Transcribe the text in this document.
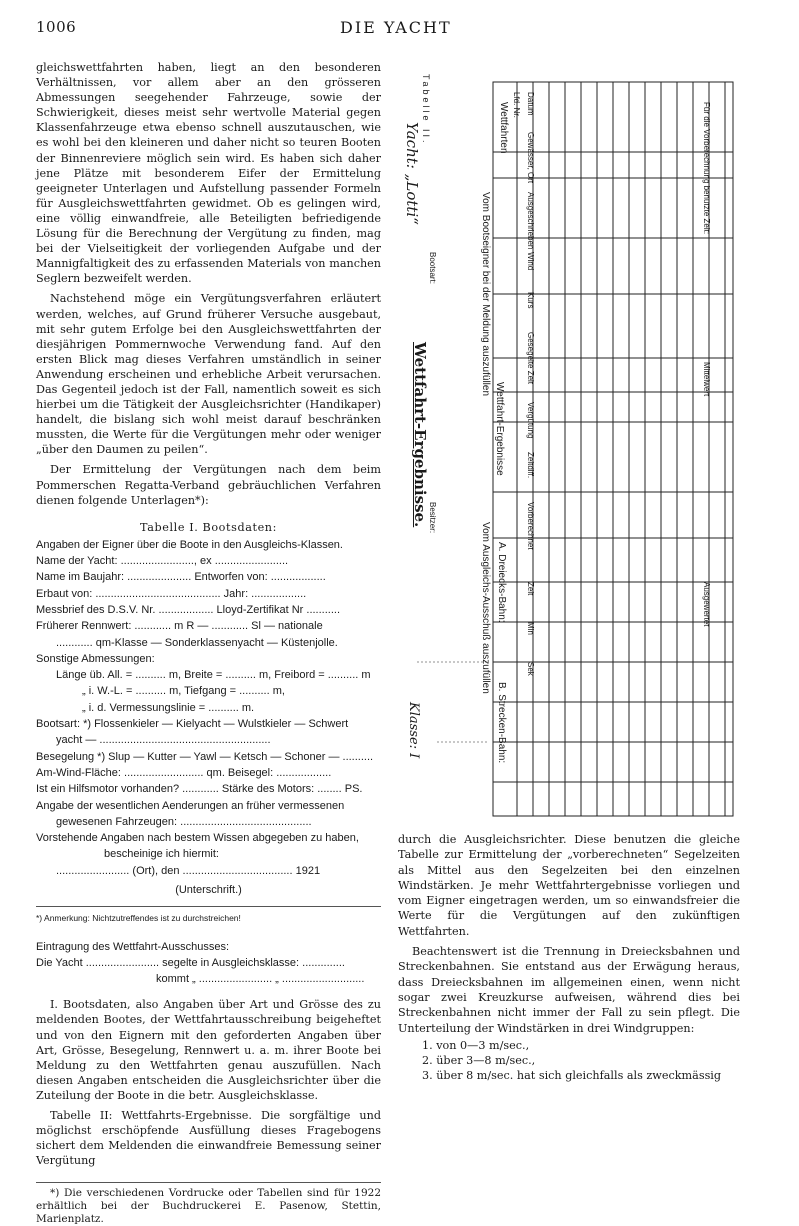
1006	DIE YACHT

gleichswettfahrten haben, liegt an den besonderen Verhältnissen, vor allem aber an den grösseren Abmessungen seegehender Fahrzeuge, sowie der Schwierigkeit, dieses meist sehr wertvolle Material gegen Klassenfahrzeuge etwa ebenso schnell auszutauschen, wie es wohl bei den kleineren und daher nicht so teuren Booten der Binnenreviere möglich sein wird. Es haben sich daher jene Plätze mit besonderem Eifer der Ermittelung geeigneter Unterlagen und Aufstellung passender Formeln für Ausgleichswettfahrten gewidmet. Ob es gelingen wird, eine völlig einwandfreie, alle Beteiligten befriedigende Lösung für die Berechnung der Vergütung zu finden, mag bei der Vielseitigkeit der vorliegenden Aufgabe und der Mannigfaltigkeit des zu erfassenden Materials von manchen Seglern bezweifelt werden.

Nachstehend möge ein Vergütungsverfahren erläutert werden, welches, auf Grund früherer Versuche ausgebaut, mit sehr gutem Erfolge bei den Ausgleichswettfahrten der diesjährigen Pommernwoche Verwendung fand. Auf den ersten Blick mag dieses Verfahren umständlich in seiner Anwendung erscheinen und erhebliche Arbeit verursachen. Das Gegenteil jedoch ist der Fall, namentlich soweit es sich hierbei um die Tätigkeit der Ausgleichsrichter (Handikaper) handelt, die bislang sich wohl meist darauf beschränken mussten, die Werte für die Vergütungen mehr oder weniger „über den Daumen zu peilen“.

Der Ermittelung der Vergütungen nach dem beim Pommerschen Regatta-Verband gebräuchlichen Verfahren dienen folgende Unterlagen*):

Tabelle I. Bootsdaten:
Angaben der Eigner über die Boote in den Ausgleichs-Klassen.
Name der Yacht: ........................, ex ........................
Name im Baujahr: ..................... Entworfen von: ..................
Erbaut von: ......................................... Jahr: ..................
Messbrief des D.S.V. Nr. .................. Lloyd-Zertifikat Nr ...........
Früherer Rennwert: ............ m R — ............ Sl — nationale
............ qm-Klasse — Sonderklassenyacht — Küstenjolle.
Sonstige Abmessungen:
Länge üb. All. = .......... m, Breite = .......... m, Freibord = .......... m
„ i. W.-L. = .......... m, Tiefgang = .......... m,
„ i. d. Vermessungslinie = .......... m.
Bootsart: *) Flossenkieler — Kielyacht — Wulstkieler — Schwert
yacht — ........................................................
Besegelung *) Slup — Kutter — Yawl — Ketsch — Schoner — ..........
Am-Wind-Fläche: .......................... qm. Beisegel: ..................
Ist ein Hilfsmotor vorhanden? ............ Stärke des Motors: ........ PS.
Angabe der wesentlichen Aenderungen an früher vermessenen
gewesenen Fahrzeugen: ...........................................
Vorstehende Angaben nach bestem Wissen abgegeben zu haben,
bescheinige ich hiermit:
........................ (Ort), den .................................... 1921
(Unterschrift.)
*) Anmerkung: Nichtzutreffendes ist zu durchstreichen!
Eintragung des Wettfahrt-Ausschusses:
Die Yacht ........................ segelte in Ausgleichsklasse: ..............
kommt „ ........................ „ ...........................

I. Bootsdaten, also Angaben über Art und Grösse des zu meldenden Bootes, der Wettfahrtausschreibung beigeheftet und von den Eignern mit den geforderten Angaben über Art, Grösse, Besegelung, Rennwert u. a. m. ihrer Boote bei Meldung zu den Wettfahrten genau auszufüllen. Nach diesen Angaben entscheiden die Ausgleichsrichter über die Zuteilung der Boote in die betr. Ausgleichsklasse.

Tabelle II: Wettfahrts-Ergebnisse. Die sorgfältige und möglichst erschöpfende Ausfüllung dieses Fragebogens sichert dem Meldenden die einwandfreie Bemessung seiner Vergütung

*) Die verschiedenen Vordrucke oder Tabellen sind für 1922 erhältlich bei der Buchdruckerei E. Pasenow, Stettin, Marienplatz.
Tabelle II.
Yacht: „Lotti“
Wettfahrt-Ergebnisse.
Klasse: I
Bootsart:
Besitzer:
Wettfahrten
Vom Bootseigner bei der Meldung auszufüllen
Wettfahrt-Ergebnisse
Vom Ausgleichs-Ausschuß auszufüllen A. Dreiecks-Bahn:
B. Strecken-Bahn:
Für die Vorberechnung benutzte Zeit:
Mittelwert
Ausgewertet
Lfd. Nr. Datum
Gewässer, Ort
Ausgeschrieben
Wind
Kurs
Gesegelte Zeit
Vergütung
Zeitdiff.
Vorberechnet
Zeit
Min
Sek

durch die Ausgleichsrichter. Diese benutzen die gleiche Tabelle zur Ermittelung der „vorberechneten“ Segelzeiten als Mittel aus den Segelzeiten bei den einzelnen Windstärken. Je mehr Wettfahrtergebnisse vorliegen und vom Eigner eingetragen werden, um so einwandsfreier die Werte für die Vergütungen auf den zukünftigen Wettfahrten.

Beachtenswert ist die Trennung in Dreiecksbahnen und Streckenbahnen. Sie entstand aus der Erwägung heraus, dass Dreiecksbahnen im allgemeinen einen, wenn nicht sogar zwei Kreuzkurse aufweisen, während dies bei Streckenbahnen nicht immer der Fall zu sein pflegt. Die Unterteilung der Windstärken in drei Windgruppen:

1. von 0—3 m/sec.,
2. über 3—8 m/sec.,
3. über 8 m/sec. hat sich gleichfalls als zweckmässig
